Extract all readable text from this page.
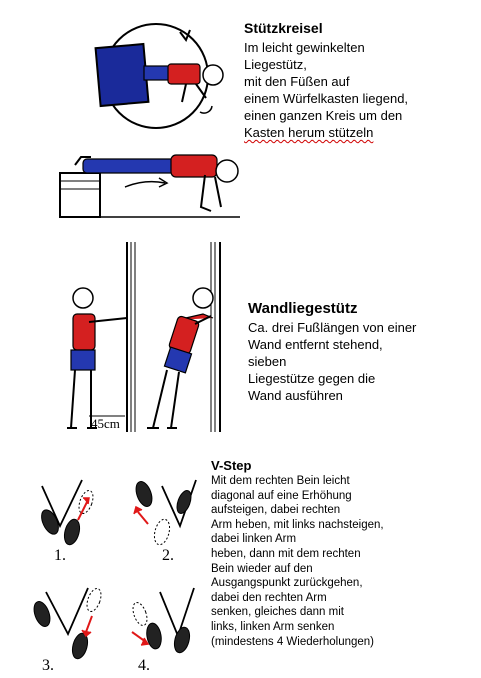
Stützkreisel
Im leicht gewinkelten
Liegestütz,
mit den Füßen auf
einem Würfelkasten liegend,
einen ganzen Kreis um den
Kasten herum stützeln
Wandliegestütz
Ca. drei Fußlängen von einer
Wand entfernt stehend,
sieben
Liegestütze gegen die
Wand ausführen
45cm
V-Step
Mit dem rechten Bein leicht
diagonal auf eine Erhöhung
aufsteigen, dabei rechten
Arm heben, mit links nachsteigen,
dabei linken Arm
heben, dann mit dem rechten
Bein wieder auf den
Ausgangspunkt zurückgehen,
dabei den rechten Arm
senken, gleiches dann mit
links, linken Arm senken
(mindestens 4 Wiederholungen)
1.	2.
3.	4.
